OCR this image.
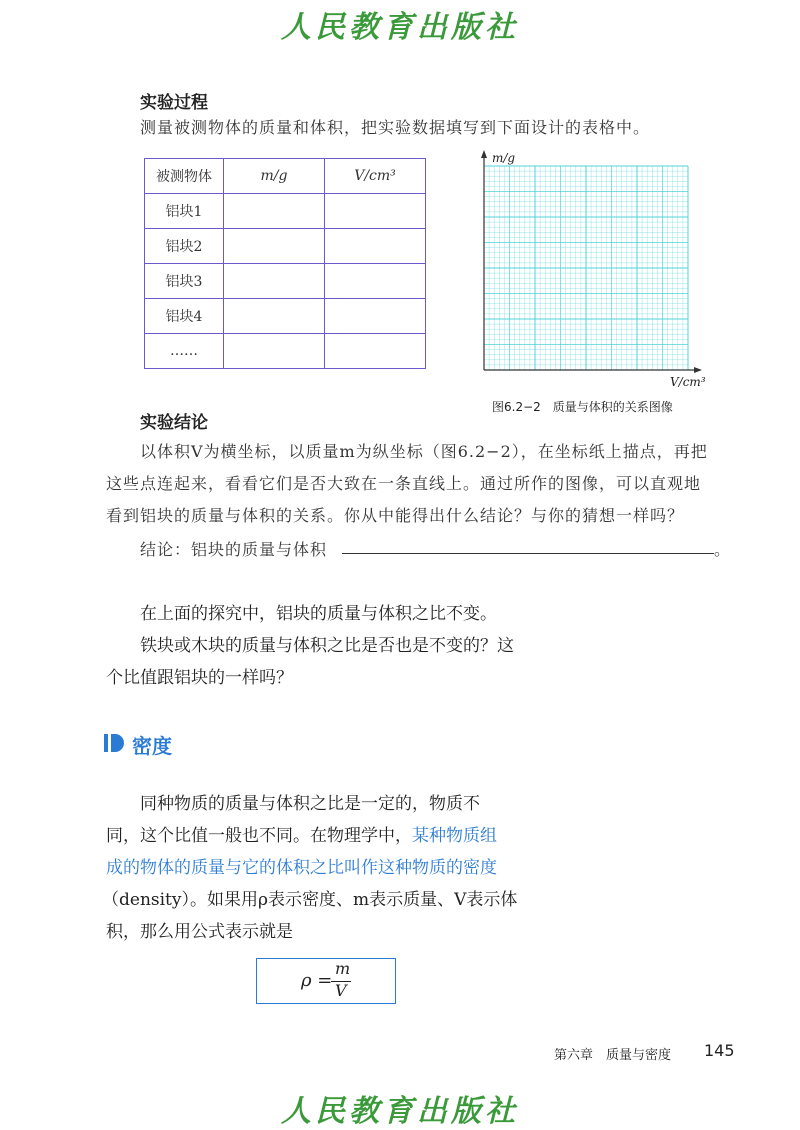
人民教育出版社
实验过程
测量被测物体的质量和体积，把实验数据填写到下面设计的表格中。
被测物体	m/g	V/cm³
铝块1		
铝块2		
铝块3		
铝块4		
……		
m/g
V/cm³
图6.2−2　质量与体积的关系图像
实验结论
以体积V为横坐标，以质量m为纵坐标（图6.2−2），在坐标纸上描点，再把
这些点连起来，看看它们是否大致在一条直线上。通过所作的图像，可以直观地
看到铝块的质量与体积的关系。你从中能得出什么结论？与你的猜想一样吗？
结论：铝块的质量与体积	。
在上面的探究中，铝块的质量与体积之比不变。
铁块或木块的质量与体积之比是否也是不变的？这
个比值跟铝块的一样吗？
密度
同种物质的质量与体积之比是一定的，物质不
同，这个比值一般也不同。在物理学中，某种物质组
成的物体的质量与它的体积之比叫作这种物质的密度
（density）。如果用ρ表示密度、m表示质量、V表示体
积，那么用公式表示就是
ρ =
m
V
第六章　质量与密度 145
人民教育出版社
